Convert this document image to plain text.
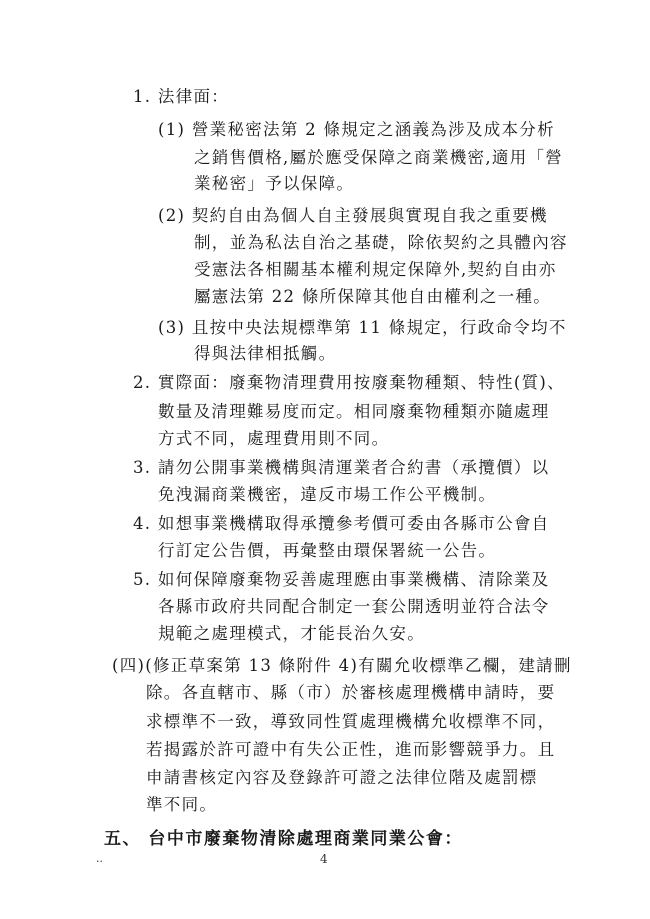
1. 法律面：
(1) 營業秘密法第 2 條規定之涵義為涉及成本分析
之銷售價格,屬於應受保障之商業機密,適用「營
業秘密」予以保障。
(2) 契約自由為個人自主發展與實現自我之重要機
制，並為私法自治之基礎，除依契約之具體內容
受憲法各相關基本權利規定保障外,契約自由亦
屬憲法第 22 條所保障其他自由權利之一種。
(3) 且按中央法規標準第 11 條規定，行政命令均不
得與法律相抵觸。
2. 實際面：廢棄物清理費用按廢棄物種類、特性(質)、
數量及清理難易度而定。相同廢棄物種類亦隨處理
方式不同，處理費用則不同。
3. 請勿公開事業機構與清運業者合約書（承攬價）以
免洩漏商業機密，違反市場工作公平機制。
4. 如想事業機構取得承攬參考價可委由各縣市公會自
行訂定公告價，再彙整由環保署統一公告。
5. 如何保障廢棄物妥善處理應由事業機構、清除業及
各縣市政府共同配合制定一套公開透明並符合法令
規範之處理模式，才能長治久安。
(四)(修正草案第 13 條附件 4)有關允收標準乙欄，建請刪
除。各直轄市、縣（市）於審核處理機構申請時，要
求標準不一致，導致同性質處理機構允收標準不同，
若揭露於許可證中有失公正性，進而影響競爭力。且
申請書核定內容及登錄許可證之法律位階及處罰標
準不同。
五、 台中市廢棄物清除處理商業同業公會：
..	4
